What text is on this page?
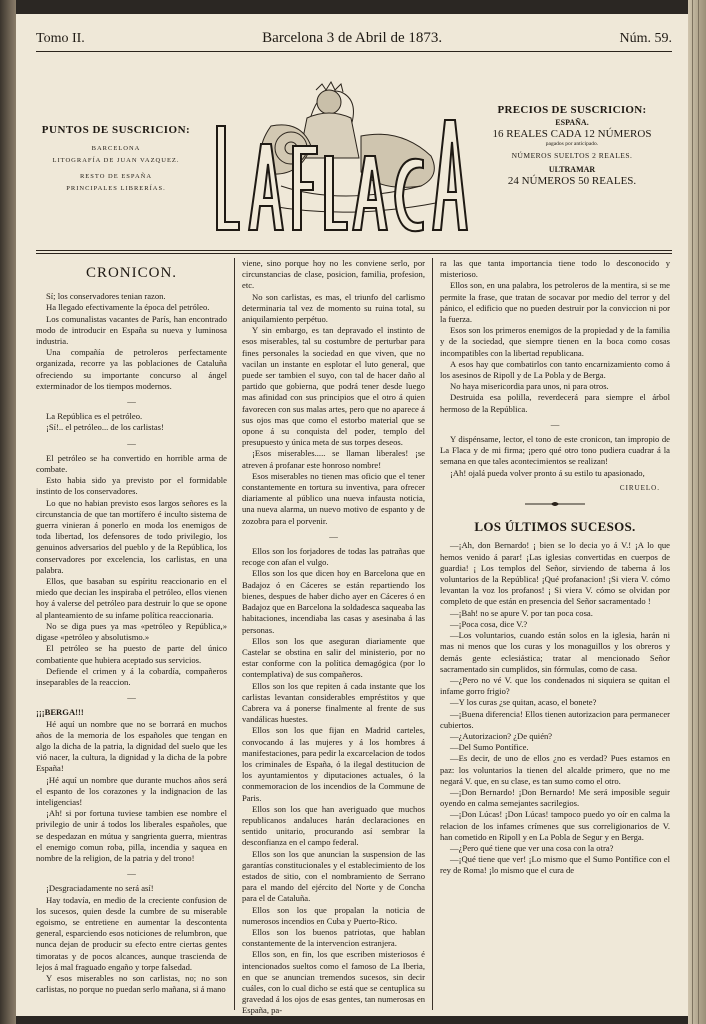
Tomo II.	Barcelona 3 de Abril de 1873.	Núm. 59.
PUNTOS DE SUSCRICION:
BARCELONA
LITOGRAFÍA DE JUAN VAZQUEZ.
RESTO DE ESPAÑA
PRINCIPALES LIBRERÍAS.
PRECIOS DE SUSCRICION:
ESPAÑA.
16 REALES CADA 12 NÚMEROS
pagados por anticipado.
NÚMEROS SUELTOS 2 REALES.
ULTRAMAR
24 NÚMEROS 50 REALES.
CRONICON.

Sí; los conservadores tenian razon.

Ha llegado efectivamente la época del petróleo.

Los comunalistas vacantes de París, han encontrado modo de introducir en España su nueva y luminosa industria.

Una compañía de petroleros perfectamente organizada, recorre ya las poblaciones de Cataluña ofreciendo su importante concurso al ángel exterminador de los tiempos modernos.

—

La República es el petróleo.

¡Sí!.. el petróleo... de los carlistas!

—

El petróleo se ha convertido en horrible arma de combate.

Esto habia sido ya previsto por el formidable instinto de los conservadores.

Lo que no habian previsto esos largos señores es la circunstancia de que tan mortífero é inculto sistema de guerra vinieran á ponerlo en moda los enemigos de toda libertad, los defensores de todo privilegio, los genuinos adversarios del pueblo y de la República, los conservadores por excelencia, los carlistas, en una palabra.

Ellos, que basaban su espíritu reaccionario en el miedo que decian les inspiraba el petróleo, ellos vienen hoy á valerse del petróleo para destruir lo que se opone al planteamiento de su infame política reaccionaria.

No se diga pues ya mas «petróleo y República,» digase «petróleo y absolutismo.»

El petróleo se ha puesto de parte del único combatiente que hubiera aceptado sus servicios.

Defiende el crimen y á la cobardía, compañeros inseparables de la reaccion.

—

¡¡¡BERGA!!!

Hé aquí un nombre que no se borrará en muchos años de la memoria de los españoles que tengan en algo la dicha de la patria, la dignidad del suelo que les vió nacer, la cultura, la dignidad y la dicha de la pobre España!

¡Hé aquí un nombre que durante muchos años será el espanto de los corazones y la indignacion de las inteligencias!

¡Ah! si por fortuna tuviese tambien ese nombre el privilegio de unir á todos los liberales españoles, que se despedazan en mútua y sangrienta guerra, mientras el enemigo comun roba, pilla, incendia y saquea en nombre de la religion, de la patria y del trono!

—

¡Desgraciadamente no será así!

Hay todavía, en medio de la creciente confusion de los sucesos, quien desde la cumbre de su miserable egoismo, se entretiene en aumentar la descontenta general, esparciendo esos noticiones de relumbron, que nunca dejan de producir su efecto entre ciertas gentes timoratas y de pocos alcances, aunque trascienda de lejos á mal fraguado engaño y torpe falsedad.

Y esos miserables no son carlistas, no; no son carlistas, no porque no puedan serlo mañana, si á mano

viene, sino porque hoy no les conviene serlo, por circunstancias de clase, posicion, familia, profesion, etc.

No son carlistas, es mas, el triunfo del carlismo determinaria tal vez de momento su ruina total, su aniquilamiento perpétuo.

Y sin embargo, es tan depravado el instinto de esos miserables, tal su costumbre de perturbar para fines personales la sociedad en que viven, que no vacilan un instante en esplotar el luto general, que puede ser tambien el suyo, con tal de hacer daño al partido que gobierna, que podrá tener desde luego mas afinidad con sus principios que el otro á quien favorecen con sus malas artes, pero que no aparece á sus ojos mas que como el estorbo material que se opone á su conquista del poder, templo del presupuesto y única meta de sus torpes deseos.

¡Esos miserables..... se llaman liberales! ¡se atreven á profanar este honroso nombre!

Esos miserables no tienen mas oficio que el tener constantemente en tortura su inventiva, para ofrecer diariamente al público una nueva infausta noticia, una nueva alarma, un nuevo motivo de espanto y de zozobra para el porvenir.

—

Ellos son los forjadores de todas las patrañas que recoge con afan el vulgo.

Ellos son los que dicen hoy en Barcelona que en Badajoz ó en Cáceres se están repartiendo los bienes, despues de haber dicho ayer en Cáceres ó en Badajoz que en Barcelona la soldadesca saqueaba las habitaciones, incendiaba las casas y asesinaba á las personas.

Ellos son los que aseguran diariamente que Castelar se obstina en salir del ministerio, por no estar conforme con la política demagógica (por lo contemplativa) de sus compañeros.

Ellos son los que repiten á cada instante que los carlistas levantan considerables empréstitos y que Cabrera va á ponerse finalmente al frente de sus vandálicas huestes.

Ellos son los que fijan en Madrid carteles, convocando á las mujeres y á los hombres á manifestaciones, para pedir la excarcelacion de todos los criminales de España, ó la ilegal destitucion de los ayuntamientos y diputaciones actuales, ó la conmemoracion de los incendios de la Commune de Paris.

Ellos son los que han averiguado que muchos republicanos andaluces harán declaraciones en sentido unitario, procurando así sembrar la desconfianza en el campo federal.

Ellos son los que anuncian la suspension de las garantías constitucionales y el establecimiento de los estados de sitio, con el nombramiento de Serrano para el mando del ejército del Norte y de Concha para el de Cataluña.

Ellos son los que propalan la noticia de numerosos incendios en Cuba y Puerto-Rico.

Ellos son los buenos patriotas, que hablan constantemente de la intervencion estranjera.

Ellos son, en fin, los que escriben misteriosos é intencionados sueltos como el famoso de La Iberia, en que se anuncian tremendos sucesos, sin decir cuáles, con lo cual dicho se está que se centuplica su gravedad á los ojos de esas gentes, tan numerosas en España, pa-

ra las que tanta importancia tiene todo lo desconocido y misterioso.

Ellos son, en una palabra, los petroleros de la mentira, si se me permite la frase, que tratan de socavar por medio del terror y del pánico, el edificio que no pueden destruir por la conviccion ni por la fuerza.

Esos son los primeros enemigos de la propiedad y de la familia y de la sociedad, que siempre tienen en la boca como cosas incompatibles con la libertad republicana.

A esos hay que combatirlos con tanto encarnizamiento como á los asesinos de Ripoll y de La Pobla y de Berga.

No haya misericordia para unos, ni para otros.

Destruida esa polilla, reverdecerá para siempre el árbol hermoso de la República.

—

Y dispénsame, lector, el tono de este cronicon, tan impropio de La Flaca y de mi firma; ¡pero qué otro tono pudiera cuadrar á la semana en que tales acontecimientos se realizan!

¡Ah! ojalá pueda volver pronto á su estilo tu apasionado,

CIRUELO.
LOS ÚLTIMOS SUCESOS.

—¡Ah, don Bernardo! ¡ bien se lo decia yo á V.! ¡A lo que hemos venido á parar! ¡Las iglesias convertidas en cuerpos de guardia! ¡ Los templos del Señor, sirviendo de taberna á los voluntarios de la República! ¡Qué profanacion! ¡Si viera V. cómo levantan la voz los profanos! ¡ Si viera V. cómo se olvidan por completo de que están en presencia del Señor sacramentado !

—¡Bah! no se apure V. por tan poca cosa.

—¡Poca cosa, dice V.?

—Los voluntarios, cuando están solos en la iglesia, harán ni mas ni menos que los curas y los monaguillos y los obreros y demás gente eclesiástica; tratar al mencionado Señor sacramentado sin cumplidos, sin fórmulas, como de casa.

—¿Pero no vé V. que los condenados ni siquiera se quitan el infame gorro frigio?

—Y los curas ¿se quitan, acaso, el bonete?

—¡Buena diferencia! Ellos tienen autorizacion para permanecer cubiertos.

—¿Autorizacion? ¿De quién?

—Del Sumo Pontífice.

—Es decir, de uno de ellos ¿no es verdad? Pues estamos en paz: los voluntarios la tienen del alcalde primero, que no me negará V. que, en su clase, es tan sumo como el otro.

—¡Don Bernardo! ¡Don Bernardo! Me será imposible seguir oyendo en calma semejantes sacrilegios.

—¡Don Lúcas! ¡Don Lúcas! tampoco puedo yo oír en calma la relacion de los infames crímenes que sus correligionarios de V. han cometido en Ripoll y en La Pobla de Segur y en Berga.

—¿Pero qué tiene que ver una cosa con la otra?

—¡Qué tiene que ver! ¡Lo mismo que el Sumo Pontífice con el rey de Roma! ¡lo mismo que el cura de
